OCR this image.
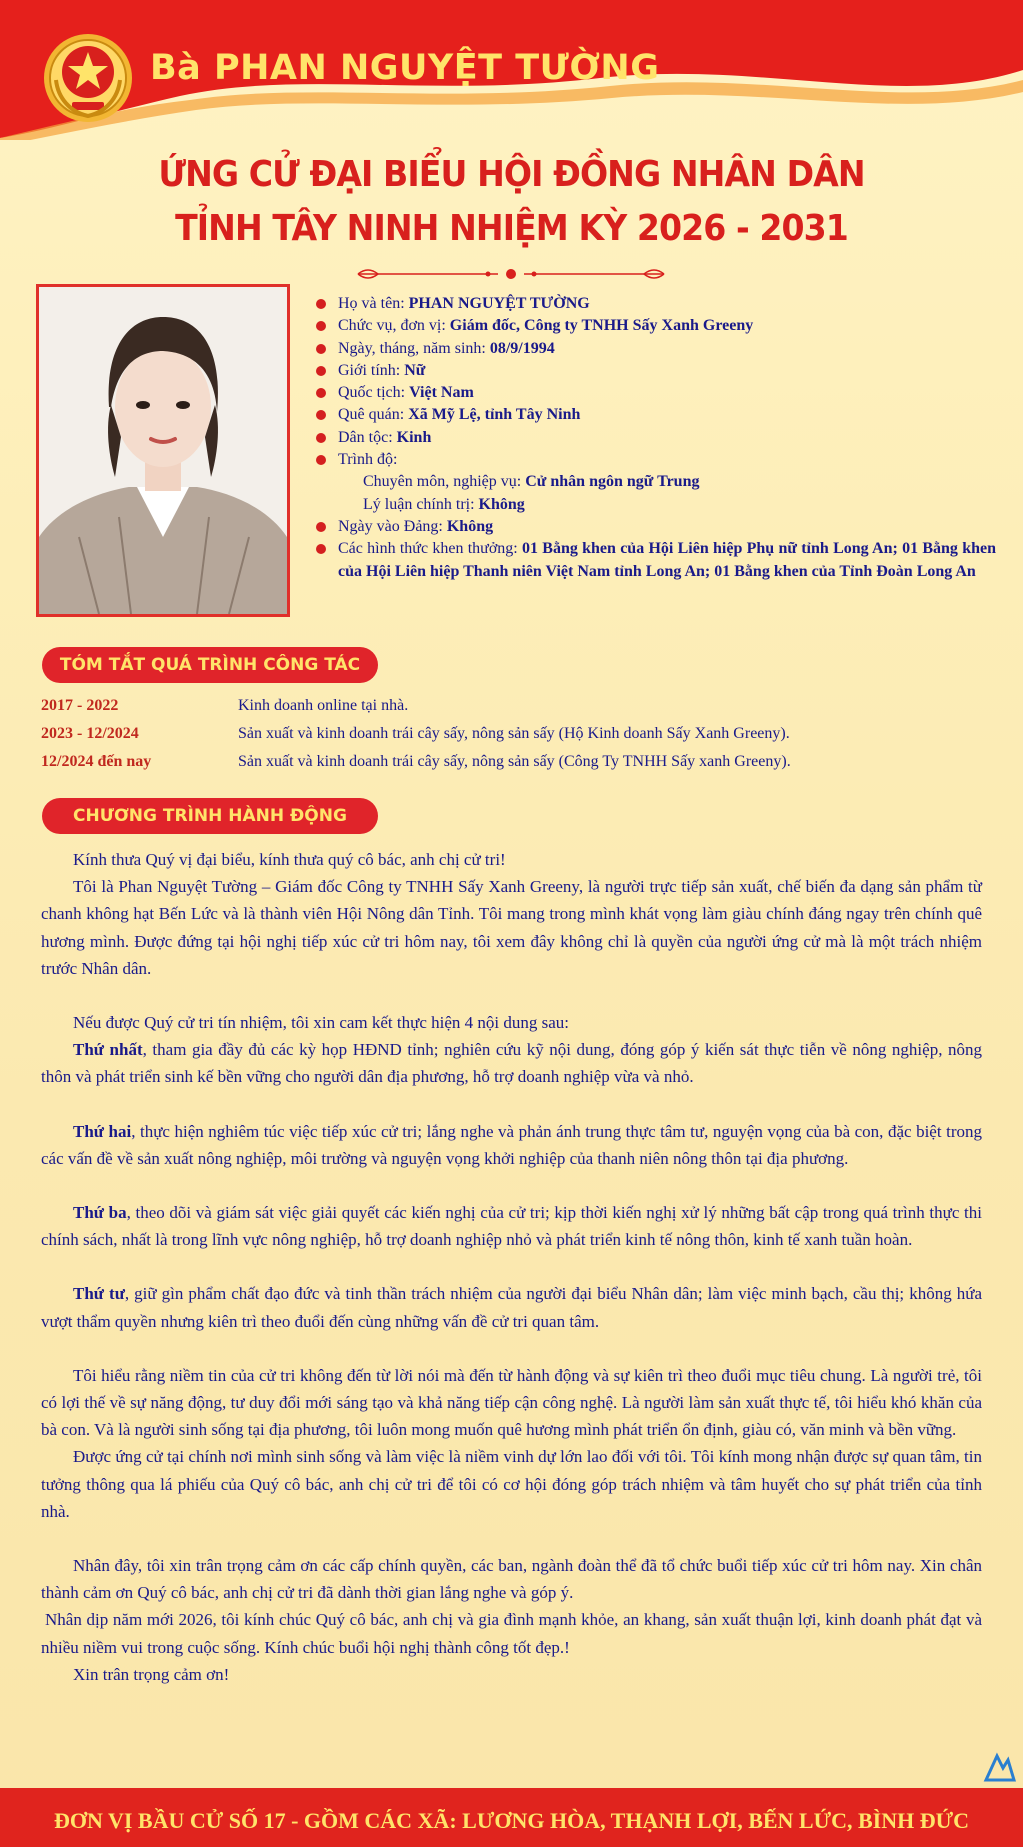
Bà PHAN NGUYỆT TƯỜNG
ỨNG CỬ ĐẠI BIỂU HỘI ĐỒNG NHÂN DÂN
TỈNH TÂY NINH NHIỆM KỲ 2026 - 2031
Họ và tên: PHAN NGUYỆT TƯỜNG
Chức vụ, đơn vị: Giám đốc, Công ty TNHH Sấy Xanh Greeny
Ngày, tháng, năm sinh: 08/9/1994
Giới tính: Nữ
Quốc tịch: Việt Nam
Quê quán: Xã Mỹ Lệ, tỉnh Tây Ninh
Dân tộc: Kinh
Trình độ:
Chuyên môn, nghiệp vụ: Cử nhân ngôn ngữ Trung
Lý luận chính trị: Không
Ngày vào Đảng: Không
Các hình thức khen thưởng: 01 Bằng khen của Hội Liên hiệp Phụ nữ tỉnh Long An; 01 Bằng khen của Hội Liên hiệp Thanh niên Việt Nam tỉnh Long An; 01 Bằng khen của Tỉnh Đoàn Long An
TÓM TẮT QUÁ TRÌNH CÔNG TÁC
2017 - 2022	Kinh doanh online tại nhà.
2023 - 12/2024	Sản xuất và kinh doanh trái cây sấy, nông sản sấy (Hộ Kinh doanh Sấy Xanh Greeny).
12/2024 đến nay	Sản xuất và kinh doanh trái cây sấy, nông sản sấy (Công Ty TNHH Sấy xanh Greeny).
CHƯƠNG TRÌNH HÀNH ĐỘNG

Kính thưa Quý vị đại biểu, kính thưa quý cô bác, anh chị cử tri!

Tôi là Phan Nguyệt Tường – Giám đốc Công ty TNHH Sấy Xanh Greeny, là người trực tiếp sản xuất, chế biến đa dạng sản phẩm từ chanh không hạt Bến Lức và là thành viên Hội Nông dân Tỉnh. Tôi mang trong mình khát vọng làm giàu chính đáng ngay trên chính quê hương mình. Được đứng tại hội nghị tiếp xúc cử tri hôm nay, tôi xem đây không chỉ là quyền của người ứng cử mà là một trách nhiệm trước Nhân dân.

Nếu được Quý cử tri tín nhiệm, tôi xin cam kết thực hiện 4 nội dung sau:

Thứ nhất, tham gia đầy đủ các kỳ họp HĐND tỉnh; nghiên cứu kỹ nội dung, đóng góp ý kiến sát thực tiễn về nông nghiệp, nông thôn và phát triển sinh kế bền vững cho người dân địa phương, hỗ trợ doanh nghiệp vừa và nhỏ.

Thứ hai, thực hiện nghiêm túc việc tiếp xúc cử tri; lắng nghe và phản ánh trung thực tâm tư, nguyện vọng của bà con, đặc biệt trong các vấn đề về sản xuất nông nghiệp, môi trường và nguyện vọng khởi nghiệp của thanh niên nông thôn tại địa phương.

Thứ ba, theo dõi và giám sát việc giải quyết các kiến nghị của cử tri; kịp thời kiến nghị xử lý những bất cập trong quá trình thực thi chính sách, nhất là trong lĩnh vực nông nghiệp, hỗ trợ doanh nghiệp nhỏ và phát triển kinh tế nông thôn, kinh tế xanh tuần hoàn.

Thứ tư, giữ gìn phẩm chất đạo đức và tinh thần trách nhiệm của người đại biểu Nhân dân; làm việc minh bạch, cầu thị; không hứa vượt thẩm quyền nhưng kiên trì theo đuổi đến cùng những vấn đề cử tri quan tâm.

Tôi hiểu rằng niềm tin của cử tri không đến từ lời nói mà đến từ hành động và sự kiên trì theo đuổi mục tiêu chung. Là người trẻ, tôi có lợi thế về sự năng động, tư duy đổi mới sáng tạo và khả năng tiếp cận công nghệ. Là người làm sản xuất thực tế, tôi hiểu khó khăn của bà con. Và là người sinh sống tại địa phương, tôi luôn mong muốn quê hương mình phát triển ổn định, giàu có, văn minh và bền vững.

Được ứng cử tại chính nơi mình sinh sống và làm việc là niềm vinh dự lớn lao đối với tôi. Tôi kính mong nhận được sự quan tâm, tin tưởng thông qua lá phiếu của Quý cô bác, anh chị cử tri để tôi có cơ hội đóng góp trách nhiệm và tâm huyết cho sự phát triển của tỉnh nhà.

Nhân đây, tôi xin trân trọng cảm ơn các cấp chính quyền, các ban, ngành đoàn thể đã tổ chức buổi tiếp xúc cử tri hôm nay. Xin chân thành cảm ơn Quý cô bác, anh chị cử tri đã dành thời gian lắng nghe và góp ý.

Nhân dịp năm mới 2026, tôi kính chúc Quý cô bác, anh chị và gia đình mạnh khỏe, an khang, sản xuất thuận lợi, kinh doanh phát đạt và nhiều niềm vui trong cuộc sống. Kính chúc buổi hội nghị thành công tốt đẹp.!

Xin trân trọng cảm ơn!

ĐƠN VỊ BẦU CỬ SỐ 17 - GỒM CÁC XÃ: LƯƠNG HÒA, THẠNH LỢI, BẾN LỨC, BÌNH ĐỨC
